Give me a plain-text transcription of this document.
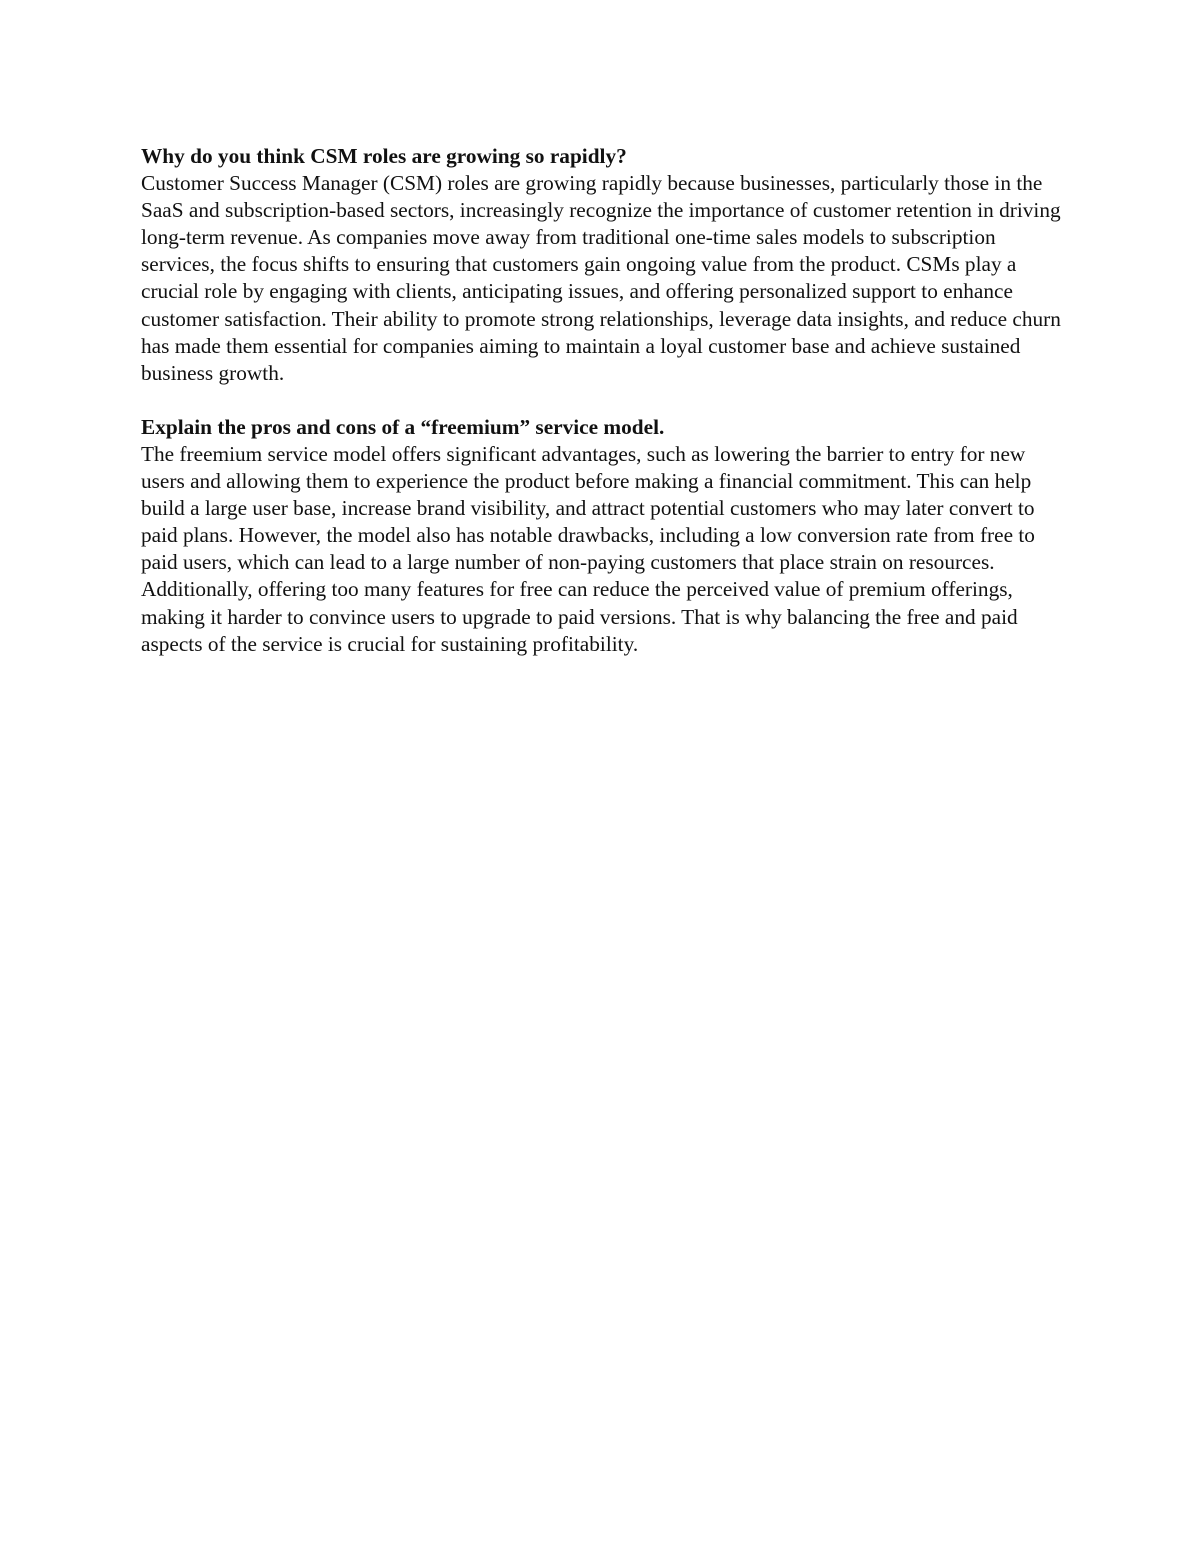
Why do you think CSM roles are growing so rapidly?

Customer Success Manager (CSM) roles are growing rapidly because businesses, particularly those in the SaaS and subscription-based sectors, increasingly recognize the importance of customer retention in driving long-term revenue. As companies move away from traditional one-time sales models to subscription services, the focus shifts to ensuring that customers gain ongoing value from the product. CSMs play a crucial role by engaging with clients, anticipating issues, and offering personalized support to enhance customer satisfaction. Their ability to promote strong relationships, leverage data insights, and reduce churn has made them essential for companies aiming to maintain a loyal customer base and achieve sustained business growth.

Explain the pros and cons of a “freemium” service model.

The freemium service model offers significant advantages, such as lowering the barrier to entry for new users and allowing them to experience the product before making a financial commitment. This can help build a large user base, increase brand visibility, and attract potential customers who may later convert to paid plans. However, the model also has notable drawbacks, including a low conversion rate from free to paid users, which can lead to a large number of non-paying customers that place strain on resources. Additionally, offering too many features for free can reduce the perceived value of premium offerings, making it harder to convince users to upgrade to paid versions. That is why balancing the free and paid aspects of the service is crucial for sustaining profitability.
